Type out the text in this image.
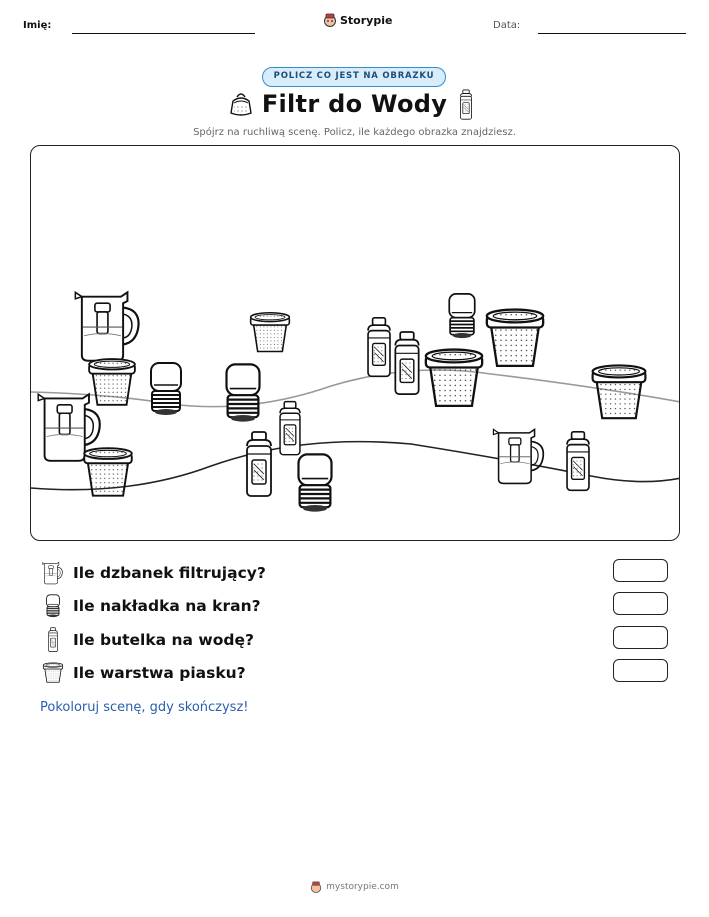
Imię:	Storypie	Data:
POLICZ CO JEST NA OBRAZKU
Filtr do Wody
Spójrz na ruchliwą scenę. Policz, ile każdego obrazka znajdziesz.
Ile dzbanek filtrujący?
Ile nakładka na kran?
Ile butelka na wodę?
Ile warstwa piasku?
Pokoloruj scenę, gdy skończysz!
mystorypie.com
